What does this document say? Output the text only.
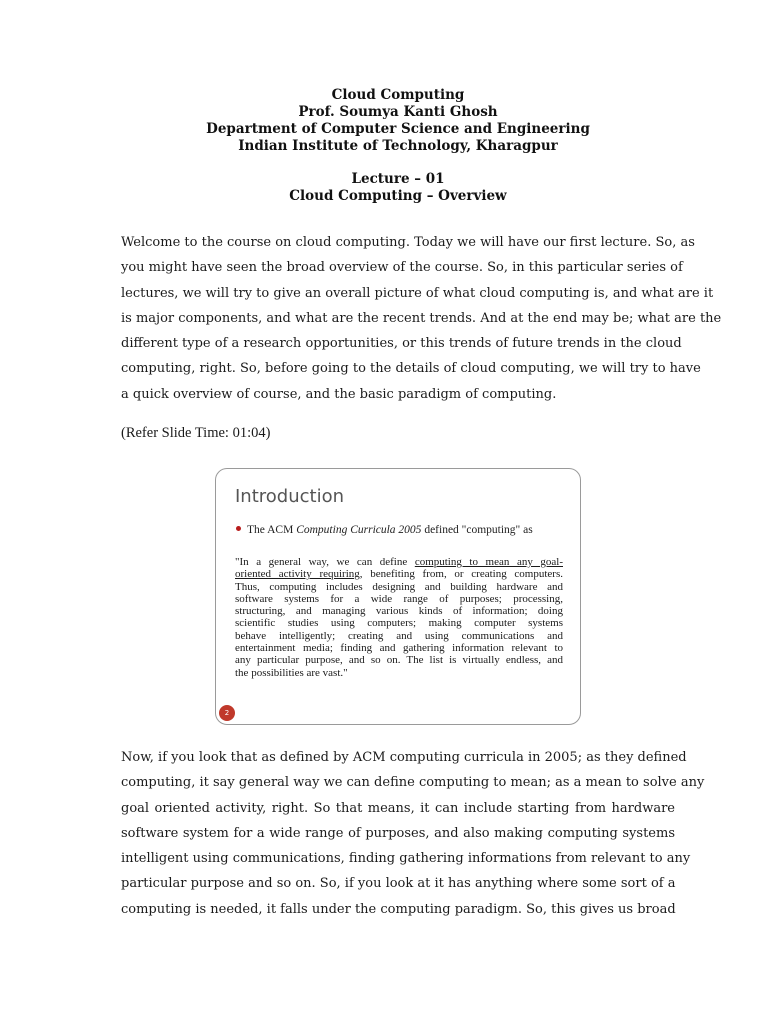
Cloud Computing
Prof. Soumya Kanti Ghosh
Department of Computer Science and Engineering
Indian Institute of Technology, Kharagpur
Lecture – 01
Cloud Computing – Overview
Welcome to the course on cloud computing. Today we will have our first lecture. So, as
you might have seen the broad overview of the course. So, in this particular series of
lectures, we will try to give an overall picture of what cloud computing is, and what are it
is major components, and what are the recent trends. And at the end may be; what are the
different type of a research opportunities, or this trends of future trends in the cloud
computing, right. So, before going to the details of cloud computing, we will try to have
a quick overview of course, and the basic paradigm of computing.
(Refer Slide Time: 01:04)
Introduction
The ACM Computing Curricula 2005 defined "computing" as
"In a general way, we can define computing to mean any goal-
oriented activity requiring, benefiting from, or creating computers.
Thus, computing includes designing and building hardware and
software systems for a wide range of purposes; processing,
structuring, and managing various kinds of information; doing
scientific studies using computers; making computer systems
behave intelligently; creating and using communications and
entertainment media; finding and gathering information relevant to
any particular purpose, and so on. The list is virtually endless, and
the possibilities are vast."
2
Now, if you look that as defined by ACM computing curricula in 2005; as they defined
computing, it say general way we can define computing to mean; as a mean to solve any
goal oriented activity, right. So that means, it can include starting from hardware
software system for a wide range of purposes, and also making computing systems
intelligent using communications, finding gathering informations from relevant to any
particular purpose and so on. So, if you look at it has anything where some sort of a
computing is needed, it falls under the computing paradigm. So, this gives us broad
